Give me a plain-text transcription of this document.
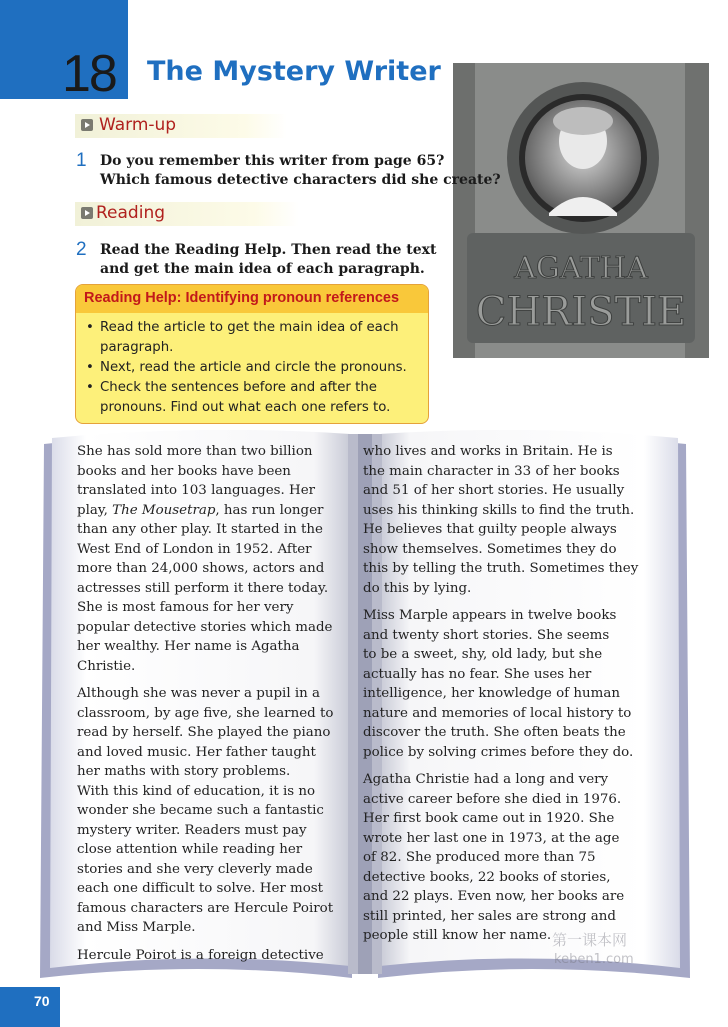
18 The Mystery Writer
AGATHA
CHRISTIE
Warm-up
1 Do you remember this writer from page 65?
Which famous detective characters did she create?
Reading
2 Read the Reading Help. Then read the text
and get the main idea of each paragraph.
Reading Help: Identifying pronoun references
• Read the article to get the main idea of each
paragraph.
• Next, read the article and circle the pronouns.
• Check the sentences before and after the
pronouns. Find out what each one refers to.

She has sold more than two billion
books and her books have been
translated into 103 languages. Her
play, The Mousetrap, has run longer
than any other play. It started in the
West End of London in 1952. After
more than 24,000 shows, actors and
actresses still perform it there today.
She is most famous for her very
popular detective stories which made
her wealthy. Her name is Agatha
Christie.

Although she was never a pupil in a
classroom, by age five, she learned to
read by herself. She played the piano
and loved music. Her father taught
her maths with story problems.
With this kind of education, it is no
wonder she became such a fantastic
mystery writer. Readers must pay
close attention while reading her
stories and she very cleverly made
each one difficult to solve. Her most
famous characters are Hercule Poirot
and Miss Marple.

Hercule Poirot is a foreign detective

who lives and works in Britain. He is
the main character in 33 of her books
and 51 of her short stories. He usually
uses his thinking skills to find the truth.
He believes that guilty people always
show themselves. Sometimes they do
this by telling the truth. Sometimes they
do this by lying.

Miss Marple appears in twelve books
and twenty short stories. She seems
to be a sweet, shy, old lady, but she
actually has no fear. She uses her
intelligence, her knowledge of human
nature and memories of local history to
discover the truth. She often beats the
police by solving crimes before they do.

Agatha Christie had a long and very
active career before she died in 1976.
Her first book came out in 1920. She
wrote her last one in 1973, at the age
of 82. She produced more than 75
detective books, 22 books of stories,
and 22 plays. Even now, her books are
still printed, her sales are strong and
people still know her name. 第一课本网
keben1.com
70
